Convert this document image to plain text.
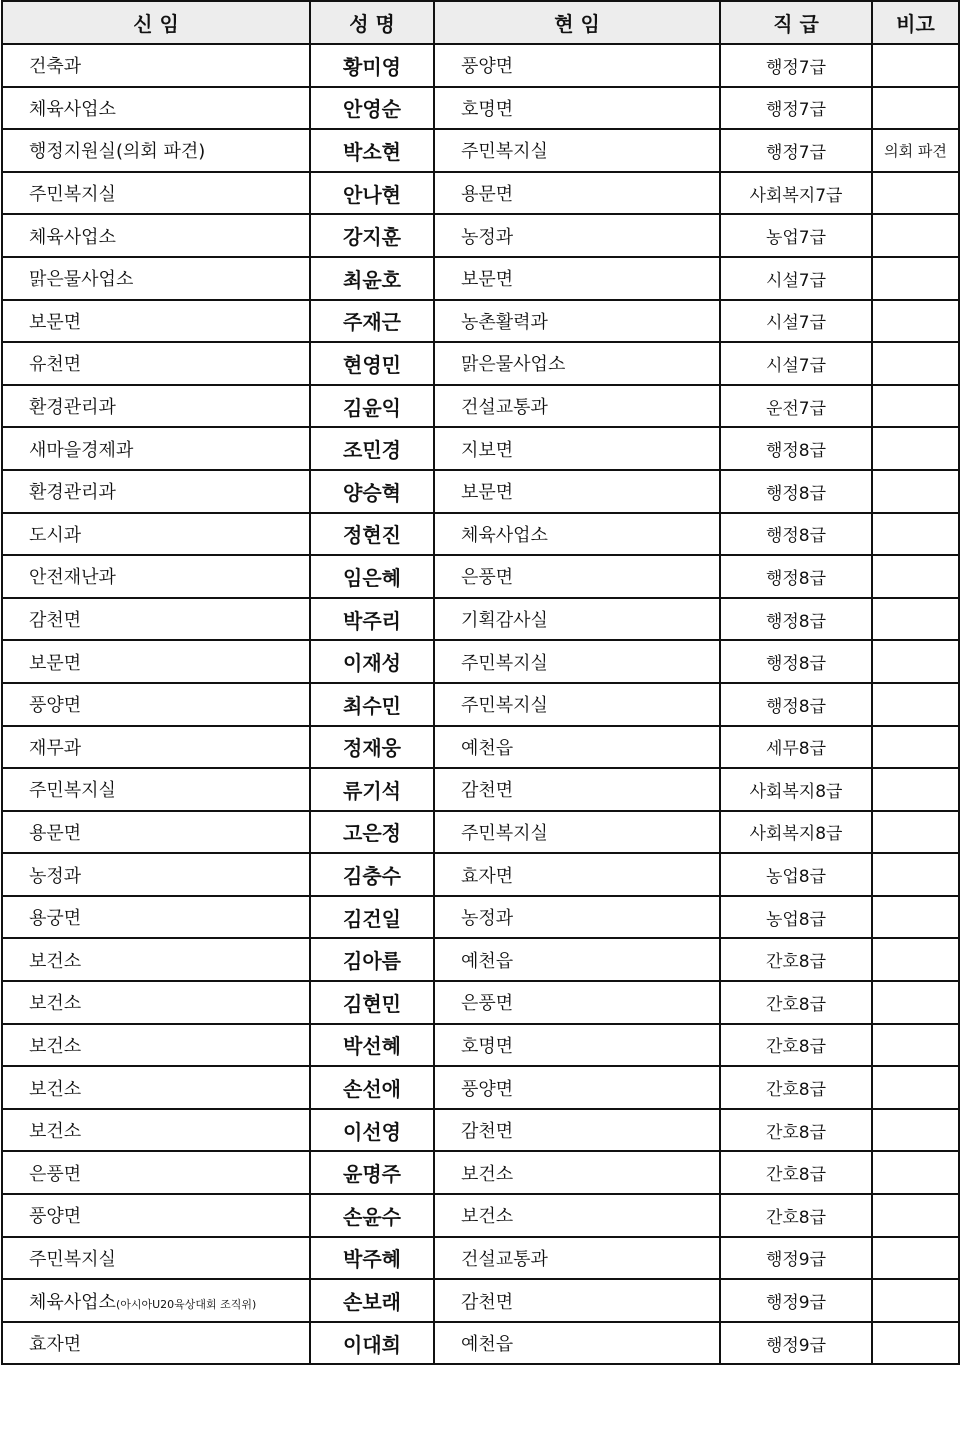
신 임	성 명	현 임	직 급	비고
건축과	황미영	풍양면	행정7급	
체육사업소	안영순	호명면	행정7급	
행정지원실(의회 파견)	박소현	주민복지실	행정7급	의회 파견
주민복지실	안나현	용문면	사회복지7급	
체육사업소	강지훈	농정과	농업7급	
맑은물사업소	최윤호	보문면	시설7급	
보문면	주재근	농촌활력과	시설7급	
유천면	현영민	맑은물사업소	시설7급	
환경관리과	김윤익	건설교통과	운전7급	
새마을경제과	조민경	지보면	행정8급	
환경관리과	양승혁	보문면	행정8급	
도시과	정현진	체육사업소	행정8급	
안전재난과	임은혜	은풍면	행정8급	
감천면	박주리	기획감사실	행정8급	
보문면	이재성	주민복지실	행정8급	
풍양면	최수민	주민복지실	행정8급	
재무과	정재웅	예천읍	세무8급	
주민복지실	류기석	감천면	사회복지8급	
용문면	고은정	주민복지실	사회복지8급	
농정과	김충수	효자면	농업8급	
용궁면	김건일	농정과	농업8급	
보건소	김아름	예천읍	간호8급	
보건소	김현민	은풍면	간호8급	
보건소	박선혜	호명면	간호8급	
보건소	손선애	풍양면	간호8급	
보건소	이선영	감천면	간호8급	
은풍면	윤명주	보건소	간호8급	
풍양면	손윤수	보건소	간호8급	
주민복지실	박주혜	건설교통과	행정9급	
체육사업소(아시아U20육상대회 조직위)	손보래	감천면	행정9급	
효자면	이대희	예천읍	행정9급	
